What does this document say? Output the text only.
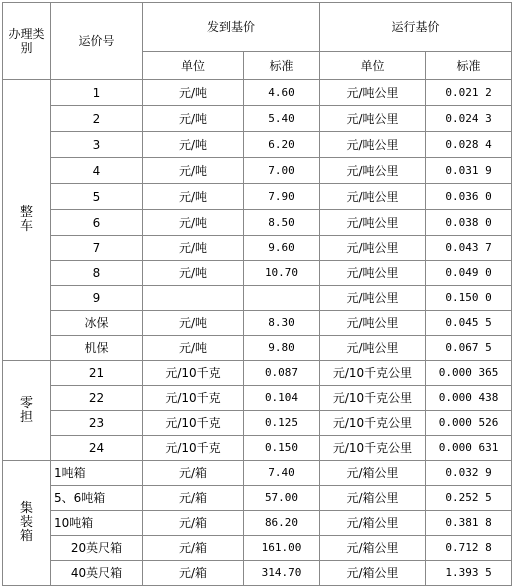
办理类别	运价号	发到基价		运行基价	
		单位	标准	单位	标准

整
车	1	元/吨	4.60	元/吨公里	0.021 2
	2	元/吨	5.40	元/吨公里	0.024 3
	3	元/吨	6.20	元/吨公里	0.028 4
	4	元/吨	7.00	元/吨公里	0.031 9
	5	元/吨	7.90	元/吨公里	0.036 0
	6	元/吨	8.50	元/吨公里	0.038 0
	7	元/吨	9.60	元/吨公里	0.043 7
	8	元/吨	10.70	元/吨公里	0.049 0
	9			元/吨公里	0.150 0
	冰保	元/吨	8.30	元/吨公里	0.045 5
	机保	元/吨	9.80	元/吨公里	0.067 5

零
担	21	元/10千克	0.087	元/10千克公里	0.000 365
	22	元/10千克	0.104	元/10千克公里	0.000 438
	23	元/10千克	0.125	元/10千克公里	0.000 526
	24	元/10千克	0.150	元/10千克公里	0.000 631

集
装
箱	1吨箱	元/箱	7.40	元/箱公里	0.032 9
	5、6吨箱	元/箱	57.00	元/箱公里	0.252 5
	10吨箱	元/箱	86.20	元/箱公里	0.381 8
	20英尺箱	元/箱	161.00	元/箱公里	0.712 8
	40英尺箱	元/箱	314.70	元/箱公里	1.393 5
